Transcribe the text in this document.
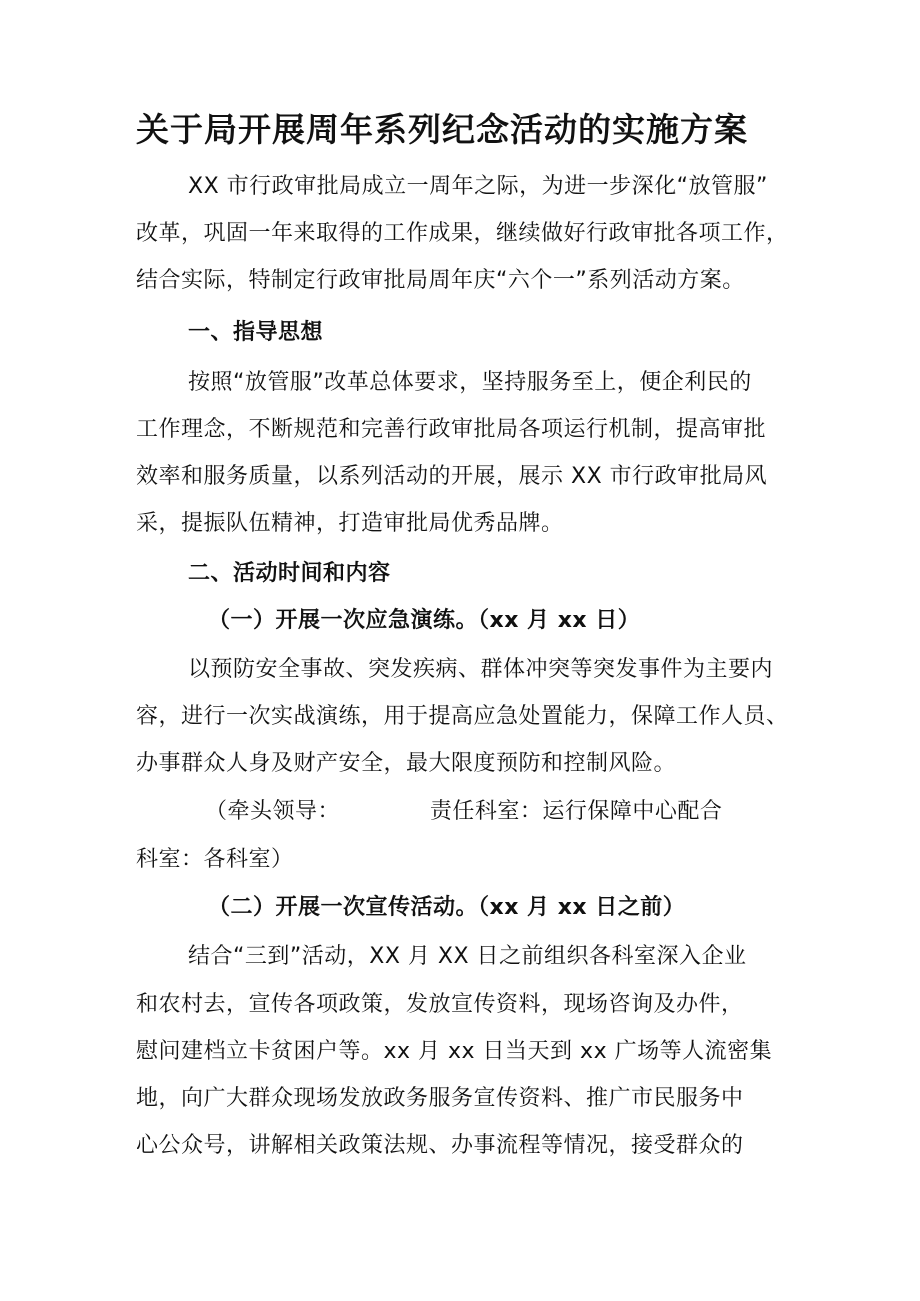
关于局开展周年系列纪念活动的实施方案
XX 市行政审批局成立一周年之际，为进一步深化“放管服”
改革，巩固一年来取得的工作成果，继续做好行政审批各项工作，
结合实际，特制定行政审批局周年庆“六个一”系列活动方案。
一、指导思想
按照“放管服”改革总体要求，坚持服务至上，便企利民的
工作理念，不断规范和完善行政审批局各项运行机制，提高审批
效率和服务质量，以系列活动的开展，展示 XX 市行政审批局风
采，提振队伍精神，打造审批局优秀品牌。
二、活动时间和内容
（一）开展一次应急演练。（xx 月 xx 日）
以预防安全事故、突发疾病、群体冲突等突发事件为主要内
容，进行一次实战演练，用于提高应急处置能力，保障工作人员、
办事群众人身及财产安全，最大限度预防和控制风险。
（牵头领导：            责任科室：运行保障中心配合
科室：各科室）
（二）开展一次宣传活动。（xx 月 xx 日之前）
结合“三到”活动，XX 月 XX 日之前组织各科室深入企业
和农村去，宣传各项政策，发放宣传资料，现场咨询及办件，
慰问建档立卡贫困户等。xx 月 xx 日当天到 xx 广场等人流密集
地，向广大群众现场发放政务服务宣传资料、推广市民服务中
心公众号，讲解相关政策法规、办事流程等情况，接受群众的
